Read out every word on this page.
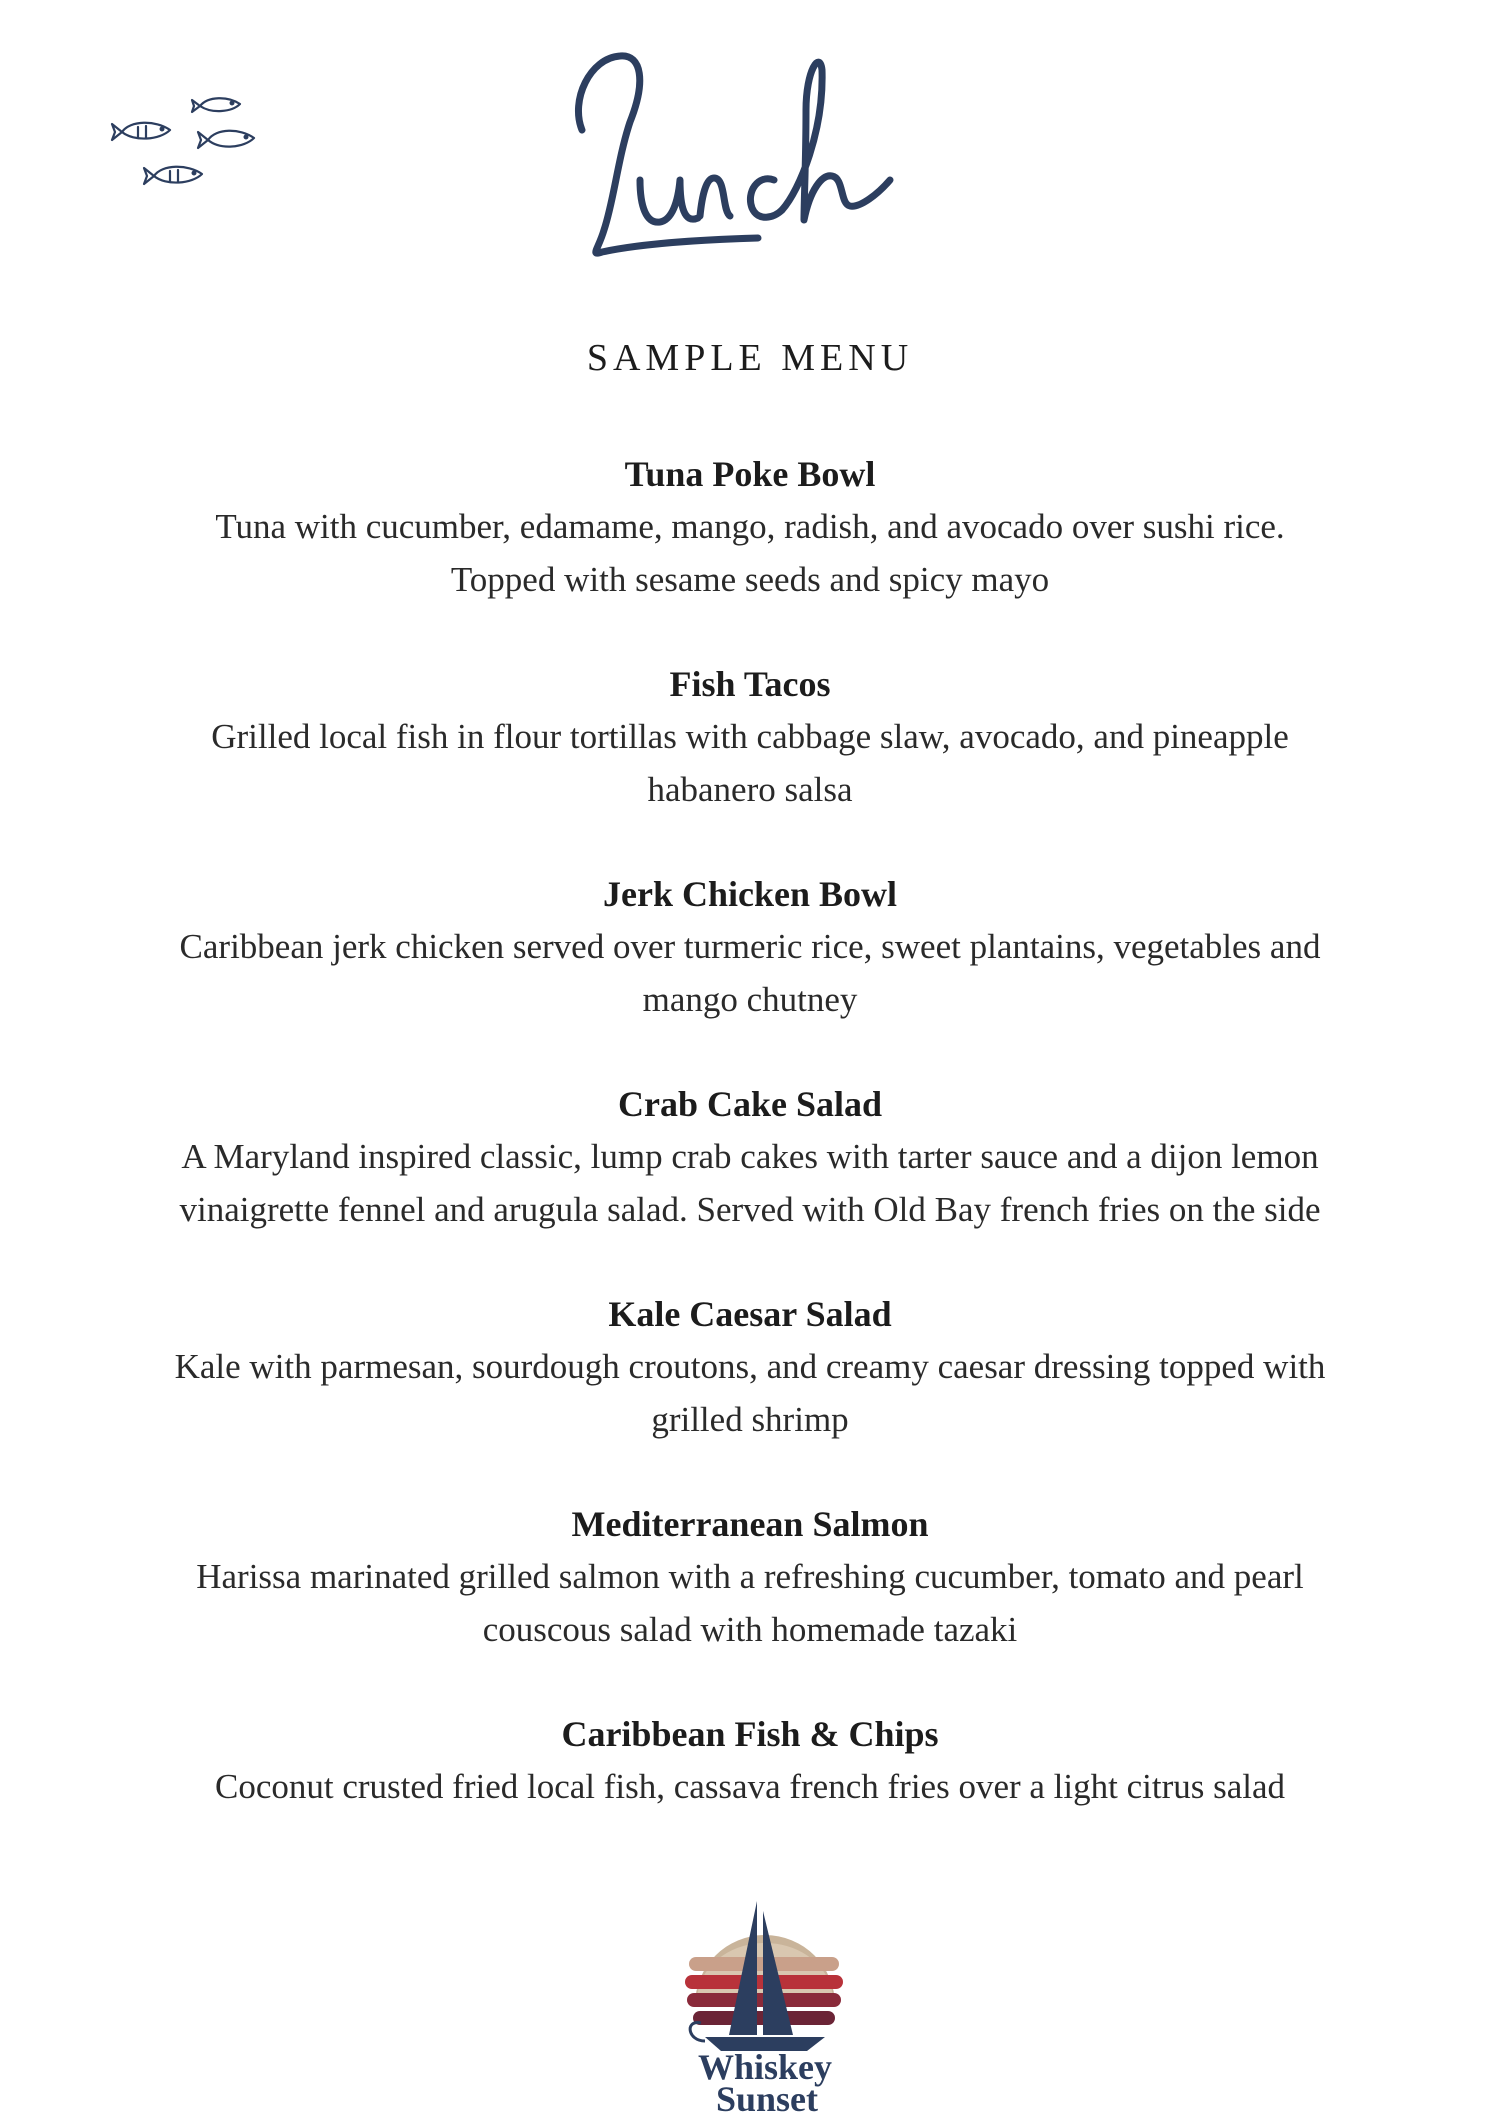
SAMPLE MENU
Tuna Poke Bowl
Tuna with cucumber, edamame, mango, radish, and avocado over sushi rice. Topped with sesame seeds and spicy mayo
Fish Tacos
Grilled local fish in flour tortillas with cabbage slaw, avocado, and pineapple habanero salsa
Jerk Chicken Bowl
Caribbean jerk chicken served over turmeric rice, sweet plantains, vegetables and mango chutney
Crab Cake Salad
A Maryland inspired classic, lump crab cakes with tarter sauce and a dijon lemon vinaigrette fennel and arugula salad. Served with Old Bay french fries on the side
Kale Caesar Salad
Kale with parmesan, sourdough croutons, and creamy caesar dressing topped with grilled shrimp
Mediterranean Salmon
Harissa marinated grilled salmon with a refreshing cucumber, tomato and pearl couscous salad with homemade tazaki
Caribbean Fish & Chips
Coconut crusted fried local fish, cassava french fries over a light citrus salad
Whiskey
Sunset
